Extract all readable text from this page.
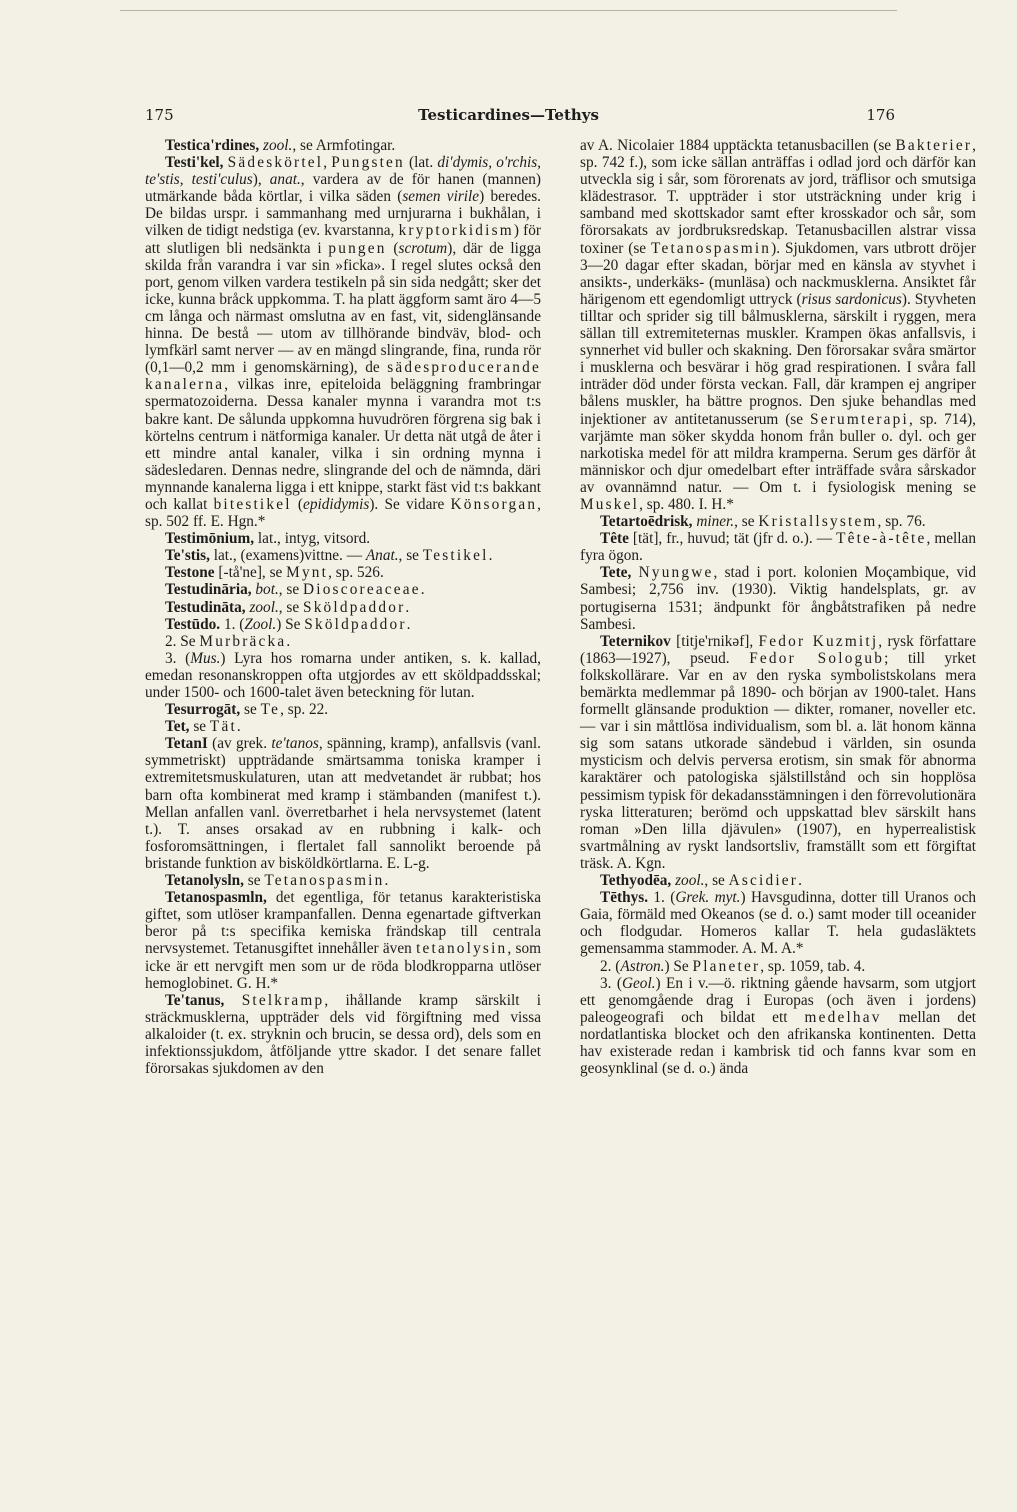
175	Testicardines—Tethys	176

Testica'rdines, zool., se Armfotingar.

Testi'kel, Sädeskörtel, Pungsten (lat. di'dymis, o'rchis, te'stis, testi'culus), anat., vardera av de för hanen (mannen) utmärkande båda körtlar, i vilka säden (semen virile) beredes. De bildas urspr. i sammanhang med urnjurarna i bukhålan, i vilken de tidigt nedstiga (ev. kvarstanna, kryptorkidism) för att slutligen bli nedsänkta i pungen (scrotum), där de ligga skilda från varandra i var sin »ficka». I regel slutes också den port, genom vilken vardera testikeln på sin sida nedgått; sker det icke, kunna bråck uppkomma. T. ha platt äggform samt äro 4—5 cm långa och närmast omslutna av en fast, vit, sidenglänsande hinna. De bestå — utom av tillhörande bindväv, blod- och lymfkärl samt nerver — av en mängd slingrande, fina, runda rör (0,1—0,2 mm i genomskärning), de sädesproducerande kanalerna, vilkas inre, epiteloida beläggning frambringar spermatozoiderna. Dessa kanaler mynna i varandra mot t:s bakre kant. De sålunda uppkomna huvudrören förgrena sig bak i körtelns centrum i nätformiga kanaler. Ur detta nät utgå de åter i ett mindre antal kanaler, vilka i sin ordning mynna i sädesledaren. Dennas nedre, slingrande del och de nämnda, däri mynnande kanalerna ligga i ett knippe, starkt fäst vid t:s bakkant och kallat bitestikel (epididymis). Se vidare Könsorgan, sp. 502 ff. E. Hgn.*

Testimōnium, lat., intyg, vitsord.

Te'stis, lat., (examens)vittne. — Anat., se Testikel.

Testone [-tå'ne], se Mynt, sp. 526.

Testudināria, bot., se Dioscoreaceae.

Testudināta, zool., se Sköldpaddor.

Testūdo. 1. (Zool.) Se Sköldpaddor.

2. Se Murbräcka.

3. (Mus.) Lyra hos romarna under antiken, s. k. kallad, emedan resonanskroppen ofta utgjordes av ett sköldpaddsskal; under 1500- och 1600-talet även beteckning för lutan.

Tesurrogāt, se Te, sp. 22.

Tet, se Tät.

TetanI (av grek. te'tanos, spänning, kramp), anfallsvis (vanl. symmetriskt) uppträdande smärtsamma toniska kramper i extremitetsmuskulaturen, utan att medvetandet är rubbat; hos barn ofta kombinerat med kramp i stämbanden (manifest t.). Mellan anfallen vanl. överretbarhet i hela nervsystemet (latent t.). T. anses orsakad av en rubbning i kalk- och fosforomsättningen, i flertalet fall sannolikt beroende på bristande funktion av bisköldkörtlarna. E. L-g.

Tetanolysln, se Tetanospasmin.

Tetanospasmln, det egentliga, för tetanus karakteristiska giftet, som utlöser krampanfallen. Denna egenartade giftverkan beror på t:s specifika kemiska frändskap till centrala nervsystemet. Tetanusgiftet innehåller även tetanolysin, som icke är ett nervgift men som ur de röda blodkropparna utlöser hemoglobinet. G. H.*

Te'tanus, Stelkramp, ihållande kramp särskilt i sträckmusklerna, uppträder dels vid förgiftning med vissa alkaloider (t. ex. stryknin och brucin, se dessa ord), dels som en infektionssjukdom, åtföljande yttre skador. I det senare fallet förorsakas sjukdomen av den

av A. Nicolaier 1884 upptäckta tetanusbacillen (se Bakterier, sp. 742 f.), som icke sällan anträffas i odlad jord och därför kan utveckla sig i sår, som förorenats av jord, träflisor och smutsiga klädestrasor. T. uppträder i stor utsträckning under krig i samband med skottskador samt efter krosskador och sår, som förorsakats av jordbruksredskap. Tetanusbacillen alstrar vissa toxiner (se Tetanospasmin). Sjukdomen, vars utbrott dröjer 3—20 dagar efter skadan, börjar med en känsla av styvhet i ansikts-, underkäks- (munläsa) och nackmusklerna. Ansiktet får härigenom ett egendomligt uttryck (risus sardonicus). Styvheten tilltar och sprider sig till bålmusklerna, särskilt i ryggen, mera sällan till extremiteternas muskler. Krampen ökas anfallsvis, i synnerhet vid buller och skakning. Den förorsakar svåra smärtor i musklerna och besvärar i hög grad respirationen. I svåra fall inträder död under första veckan. Fall, där krampen ej angriper bålens muskler, ha bättre prognos. Den sjuke behandlas med injektioner av antitetanusserum (se Serumterapi, sp. 714), varjämte man söker skydda honom från buller o. dyl. och ger narkotiska medel för att mildra kramperna. Serum ges därför åt människor och djur omedelbart efter inträffade svåra sårskador av ovannämnd natur. — Om t. i fysiologisk mening se Muskel, sp. 480. I. H.*

Tetartoēdrisk, miner., se Kristallsystem, sp. 76.

Tête [tät], fr., huvud; tät (jfr d. o.). — Tête-à-tête, mellan fyra ögon.

Tete, Nyungwe, stad i port. kolonien Moçambique, vid Sambesi; 2,756 inv. (1930). Viktig handelsplats, gr. av portugiserna 1531; ändpunkt för ångbåtstrafiken på nedre Sambesi.

Teternikov [titje'rnikəf], Fedor Kuzmitj, rysk författare (1863—1927), pseud. Fedor Sologub; till yrket folkskollärare. Var en av den ryska symbolistskolans mera bemärkta medlemmar på 1890- och början av 1900-talet. Hans formellt glänsande produktion — dikter, romaner, noveller etc. — var i sin måttlösa individualism, som bl. a. lät honom känna sig som satans utkorade sändebud i världen, sin osunda mysticism och delvis perversa erotism, sin smak för abnorma karaktärer och patologiska själstillstånd och sin hopplösa pessimism typisk för dekadansstämningen i den förrevolutionära ryska litteraturen; berömd och uppskattad blev särskilt hans roman »Den lilla djävulen» (1907), en hyperrealistisk svartmålning av ryskt landsortsliv, framställt som ett förgiftat träsk. A. Kgn.

Tethyodēa, zool., se Ascidier.

Tēthys. 1. (Grek. myt.) Havsgudinna, dotter till Uranos och Gaia, förmäld med Okeanos (se d. o.) samt moder till oceanider och flodgudar. Homeros kallar T. hela gudasläktets gemensamma stammoder. A. M. A.*

2. (Astron.) Se Planeter, sp. 1059, tab. 4.

3. (Geol.) En i v.—ö. riktning gående havsarm, som utgjort ett genomgående drag i Europas (och även i jordens) paleogeografi och bildat ett medelhav mellan det nordatlantiska blocket och den afrikanska kontinenten. Detta hav existerade redan i kambrisk tid och fanns kvar som en geosynklinal (se d. o.) ända
